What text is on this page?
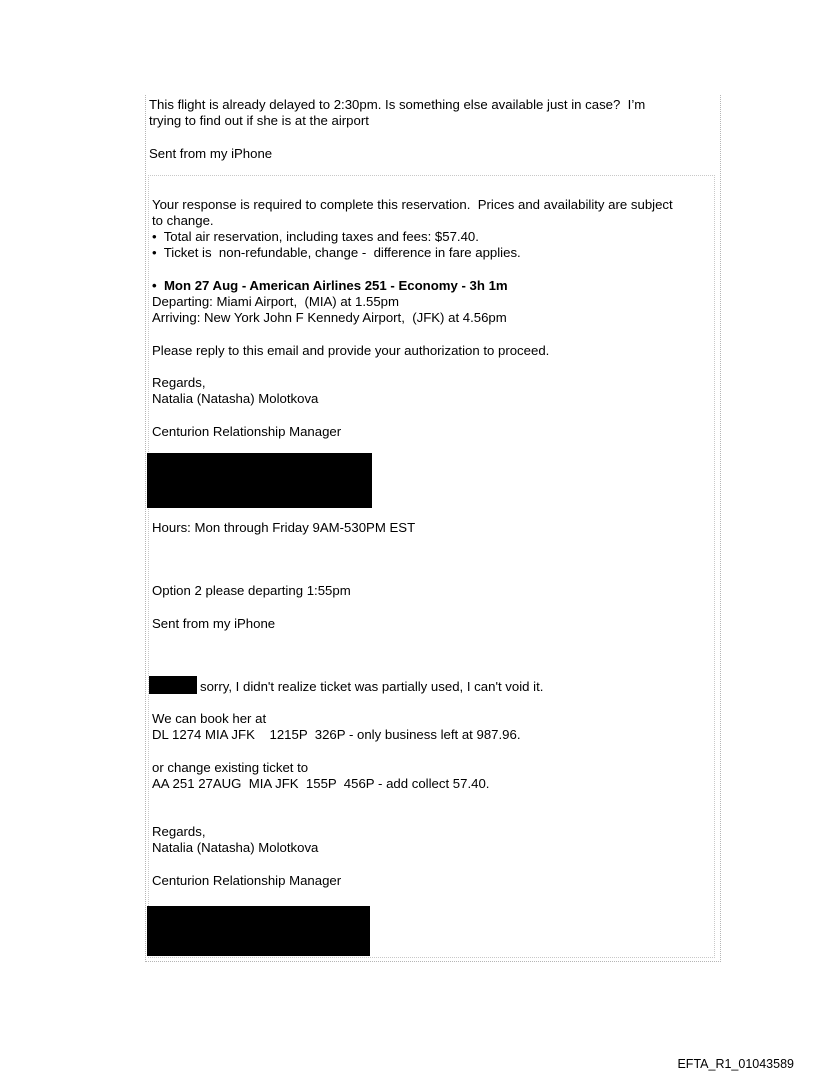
This flight is already delayed to 2:30pm. Is something else available just in case?  I’m

trying to find out if she is at the airport

Sent from my iPhone

Your response is required to complete this reservation.  Prices and availability are subject

to change.

•  Total air reservation, including taxes and fees: $57.40.

•  Ticket is  non-refundable, change -  difference in fare applies.

•  Mon 27 Aug - American Airlines 251 - Economy - 3h 1m

Departing: Miami Airport,  (MIA) at 1.55pm

Arriving: New York John F Kennedy Airport,  (JFK) at 4.56pm

Please reply to this email and provide your authorization to proceed.

Regards,

Natalia (Natasha) Molotkova

Centurion Relationship Manager

Hours: Mon through Friday 9AM-530PM EST

Option 2 please departing 1:55pm

Sent from my iPhone

sorry, I didn't realize ticket was partially used, I can't void it.

We can book her at

DL 1274 MIA JFK    1215P  326P - only business left at 987.96.

or change existing ticket to

AA 251 27AUG  MIA JFK  155P  456P - add collect 57.40.

Regards,

Natalia (Natasha) Molotkova

Centurion Relationship Manager

EFTA_R1_01043589
